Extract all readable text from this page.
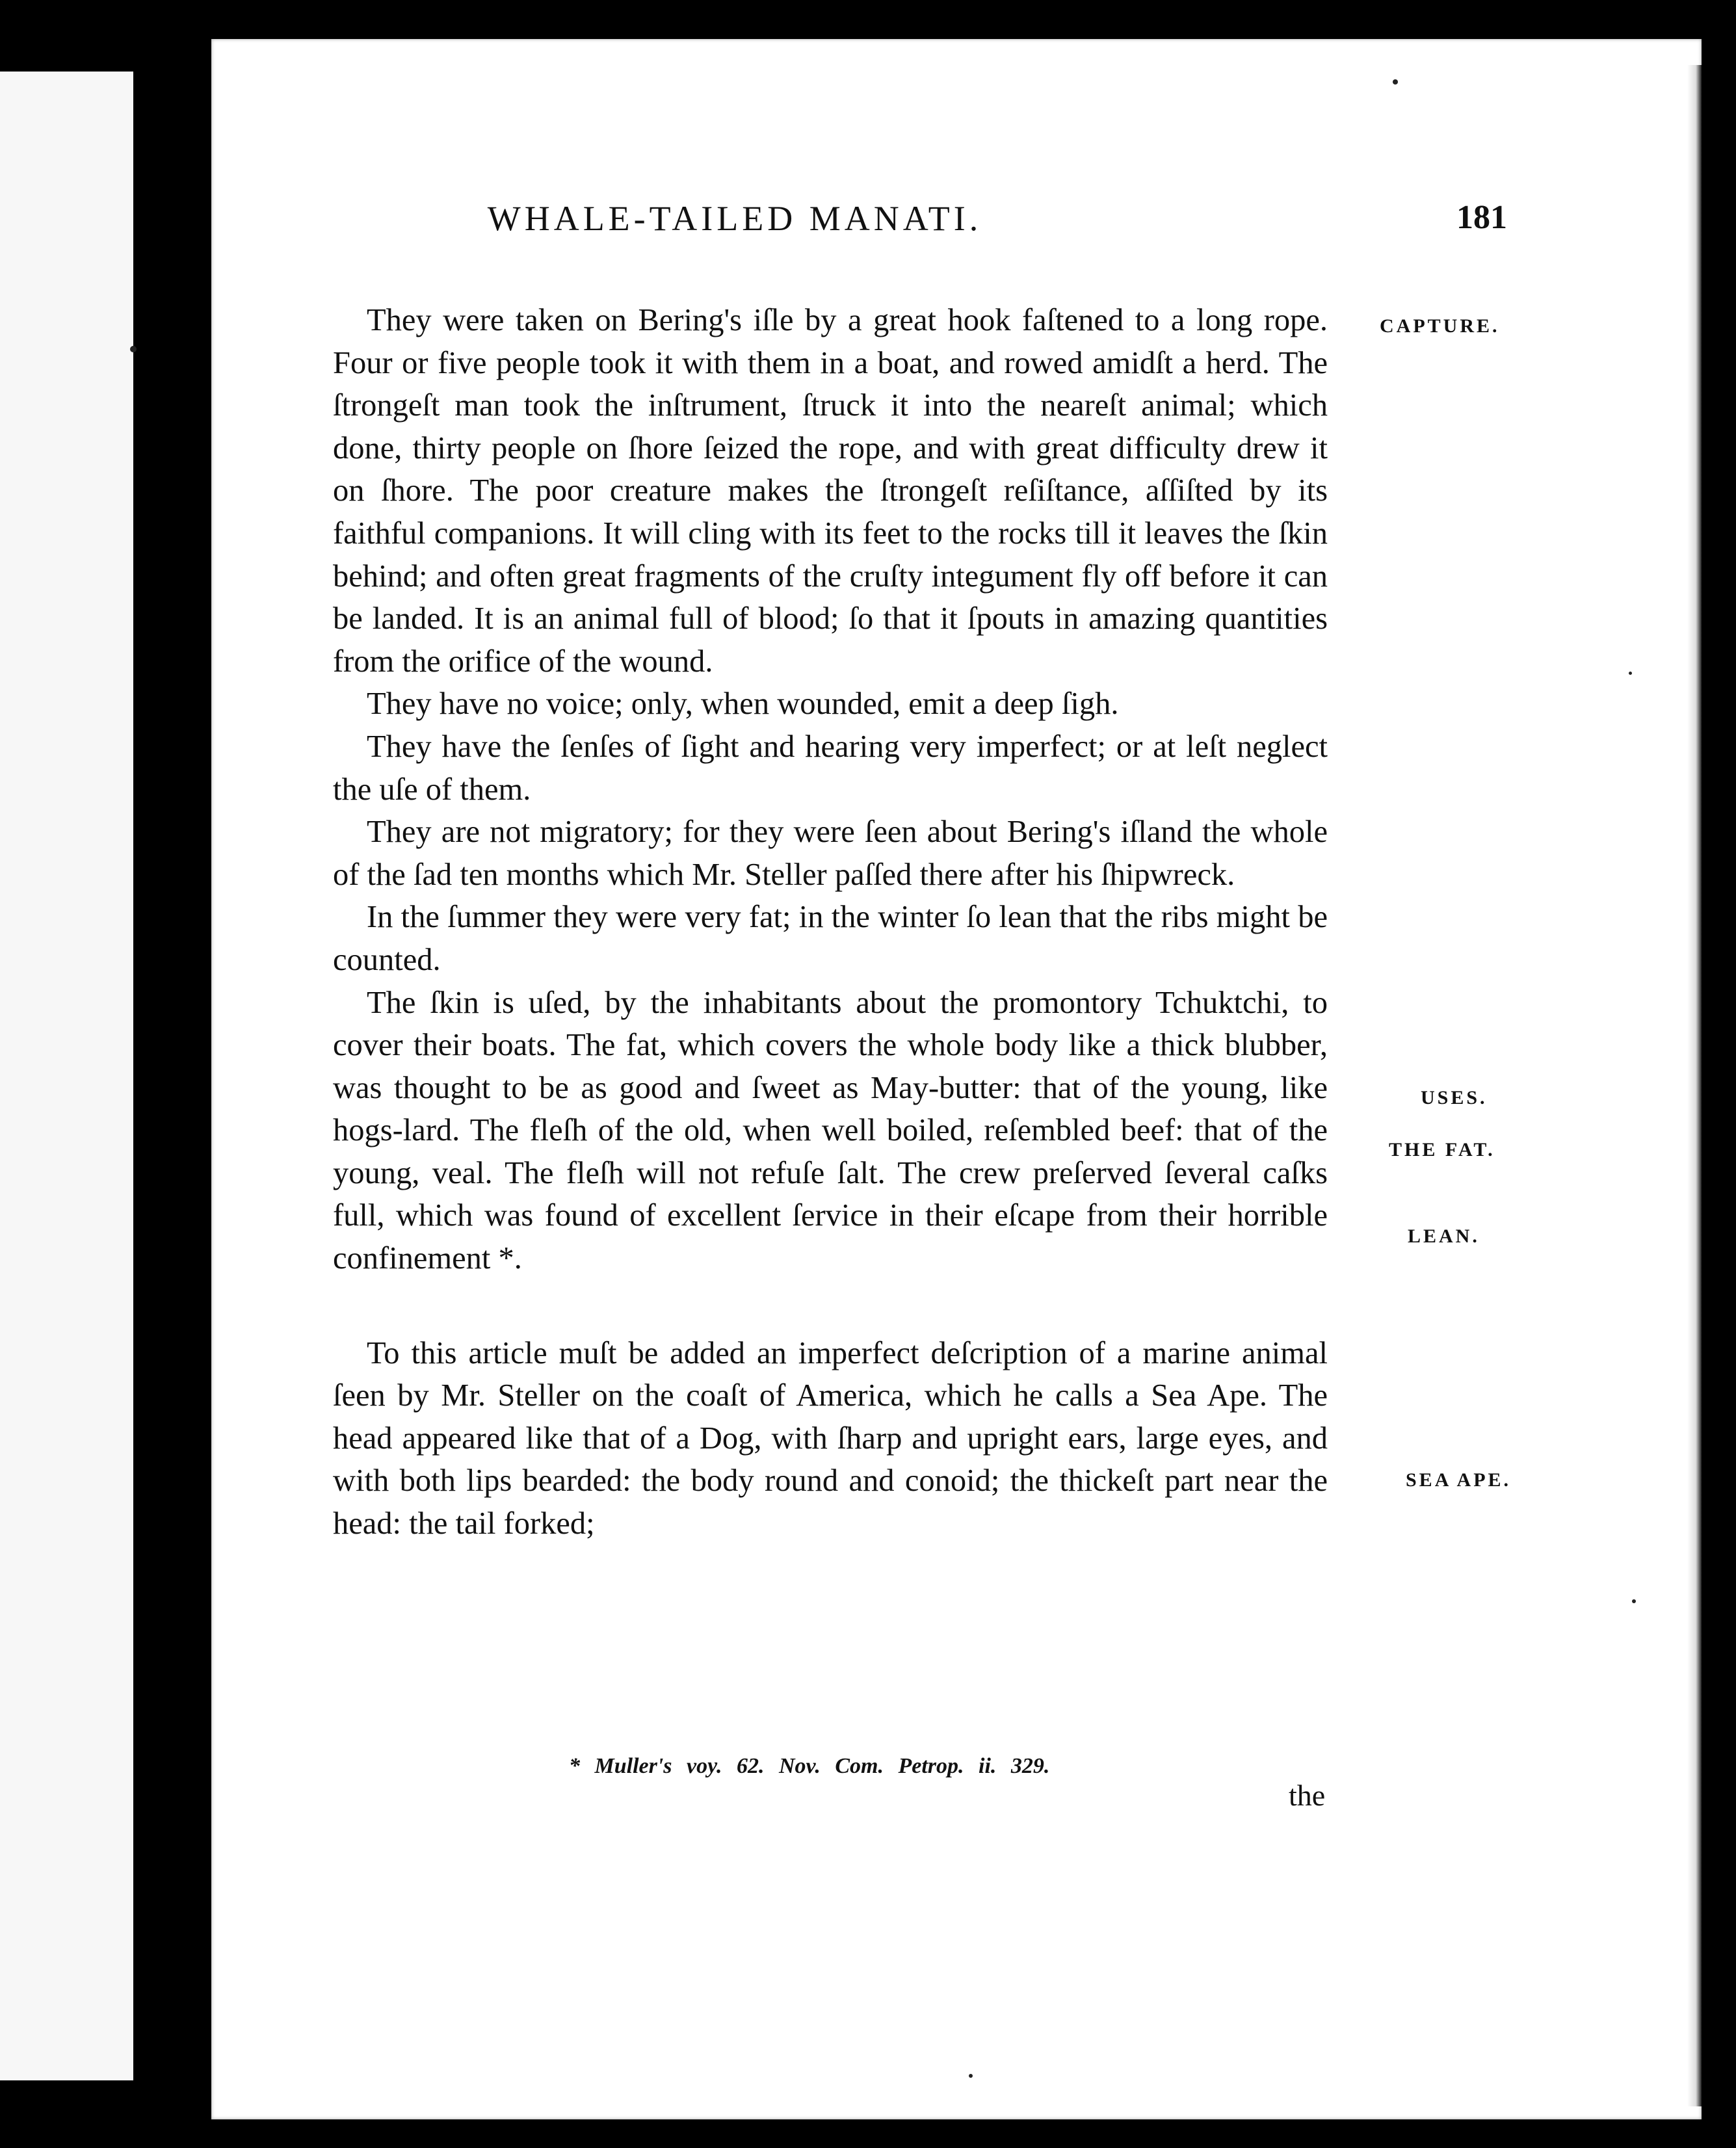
WHALE-TAILED MANATI.	181
CAPTURE.
USES.
THE FAT.
LEAN.
SEA APE.

They were taken on Bering's iſle by a great hook faſtened to a long rope. Four or five people took it with them in a boat, and rowed amidſt a herd. The ſtrongeſt man took the inſtrument, ſtruck it into the neareſt animal; which done, thirty people on ſhore ſeized the rope, and with great difficulty drew it on ſhore. The poor creature makes the ſtrongeſt reſiſtance, aſſiſted by its faithful companions. It will cling with its feet to the rocks till it leaves the ſkin behind; and often great fragments of the cruſty integument fly off before it can be landed. It is an animal full of blood; ſo that it ſpouts in amazing quantities from the orifice of the wound.

They have no voice; only, when wounded, emit a deep ſigh.

They have the ſenſes of ſight and hearing very imperfect; or at leſt neglect the uſe of them.

They are not migratory; for they were ſeen about Bering's iſland the whole of the ſad ten months which Mr. Steller paſſed there after his ſhipwreck.

In the ſummer they were very fat; in the winter ſo lean that the ribs might be counted.

The ſkin is uſed, by the inhabitants about the promontory Tchuktchi, to cover their boats. The fat, which covers the whole body like a thick blubber, was thought to be as good and ſweet as May-butter: that of the young, like hogs-lard. The fleſh of the old, when well boiled, reſembled beef: that of the young, veal. The fleſh will not refuſe ſalt. The crew preſerved ſeveral caſks full, which was found of excellent ſervice in their eſcape from their horrible confinement *.

To this article muſt be added an imperfect deſcription of a marine animal ſeen by Mr. Steller on the coaſt of America, which he calls a Sea Ape. The head appeared like that of a Dog, with ſharp and upright ears, large eyes, and with both lips bearded: the body round and conoid; the thickeſt part near the head: the tail forked;

* Muller's voy. 62. Nov. Com. Petrop. ii. 329.
the
